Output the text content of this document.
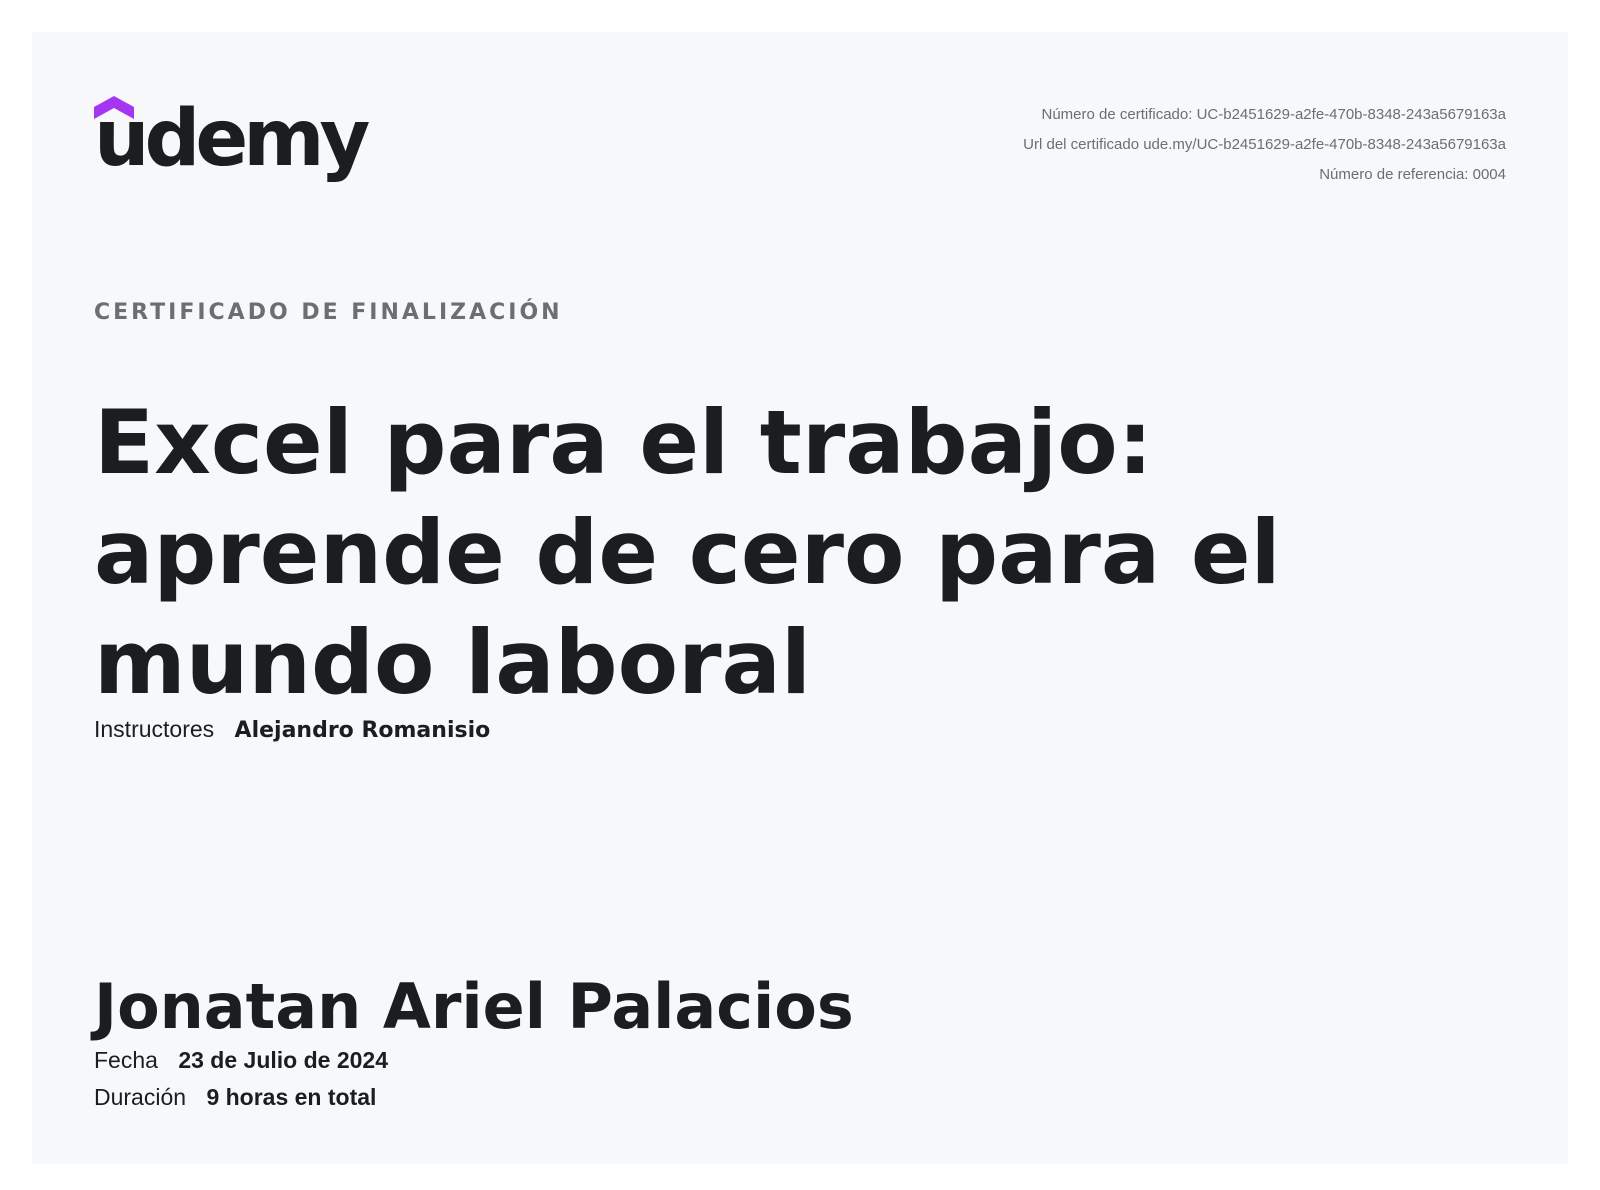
udemy	Número de certificado: UC-b2451629-a2fe-470b-8348-243a5679163a
Url del certificado ude.my/UC-b2451629-a2fe-470b-8348-243a5679163a
Número de referencia: 0004
CERTIFICADO DE FINALIZACIÓN
Excel para el trabajo:
aprende de cero para el
mundo laboral
Instructores Alejandro Romanisio
Jonatan Ariel Palacios
Fecha 23 de Julio de 2024
Duración 9 horas en total
